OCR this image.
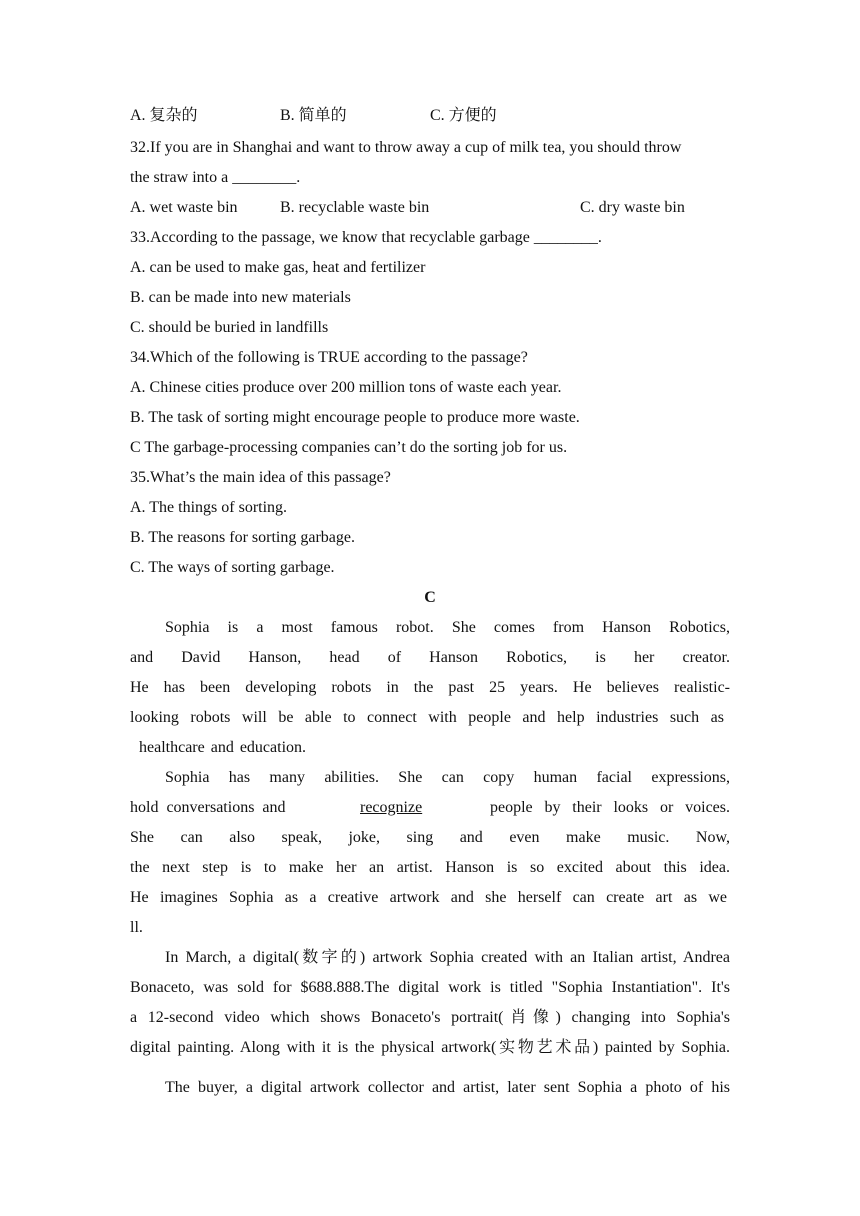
A. 复杂的	B. 简单的	C. 方便的
32.If you are in Shanghai and want to throw away a cup of milk tea, you should throw
the straw into a ________.
A. wet waste bin	B. recyclable waste bin	C. dry waste bin
33.According to the passage, we know that recyclable garbage ________.
A. can be used to make gas, heat and fertilizer
B. can be made into new materials
C. should be buried in landfills
34.Which of the following is TRUE according to the passage?
A. Chinese cities produce over 200 million tons of waste each year.
B. The task of sorting might encourage people to produce more waste.
C The garbage-processing companies can’t do the sorting job for us.
35.What’s the main idea of this passage?
A. The things of sorting.
B. The reasons for sorting garbage.
C. The ways of sorting garbage.
C
Sophia is a most famous robot. She comes from Hanson Robotics,
and David Hanson, head of Hanson Robotics, is her creator.
He has been developing robots in the past 25 years. He believes realistic-
looking robots will be able to connect with people and help industries such as
healthcare and education.
Sophia has many abilities. She can copy human facial expressions,
hold conversations and	recognize	people by their looks or voices.
She can also speak, joke, sing and even make music. Now,
the next step is to make her an artist. Hanson is so excited about this idea.
He imagines Sophia as a creative artwork and she herself can create art as we
ll.
In March, a digital(数字的) artwork Sophia created with an Italian artist, Andrea
Bonaceto, was sold for $688.888.The digital work is titled "Sophia Instantiation". It's
a 12-second video which shows Bonaceto's portrait(肖像) changing into Sophia's
digital painting. Along with it is the physical artwork(实物艺术品) painted by Sophia.
The buyer, a digital artwork collector and artist, later sent Sophia a photo of his
